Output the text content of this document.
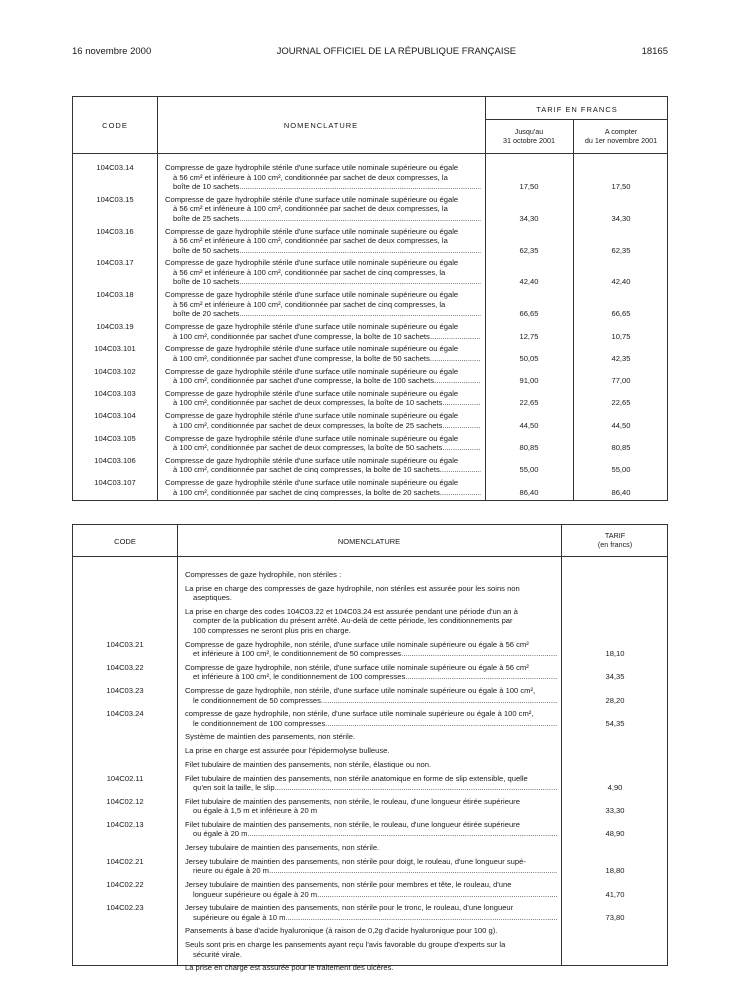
16 novembre 2000	JOURNAL OFFICIEL DE LA RÉPUBLIQUE FRANÇAISE	18165
CODE	NOMENCLATURE
TARIF EN FRANCS
Jusqu'au
31 octobre 2001
A compter
du 1er novembre 2001
104C03.14	Compresse de gaze hydrophile stérile d'une surface utile nominale supérieure ou égale
à 56 cm² et inférieure à 100 cm², conditionnée par sachet de deux compresses, la
boîte de 10 sachets .....	17,50	17,50
104C03.15	Compresse de gaze hydrophile stérile d'une surface utile nominale supérieure ou égale
à 56 cm² et inférieure à 100 cm², conditionnée par sachet de deux compresses, la
boîte de 25 sachets .....	34,30	34,30
104C03.16	Compresse de gaze hydrophile stérile d'une surface utile nominale supérieure ou égale
à 56 cm² et inférieure à 100 cm², conditionnée par sachet de deux compresses, la
boîte de 50 sachets .....	62,35	62,35
104C03.17	Compresse de gaze hydrophile stérile d'une surface utile nominale supérieure ou égale
à 56 cm² et inférieure à 100 cm², conditionnée par sachet de cinq compresses, la
boîte de 10 sachets .....	42,40	42,40
104C03.18	Compresse de gaze hydrophile stérile d'une surface utile nominale supérieure ou égale
à 56 cm² et inférieure à 100 cm², conditionnée par sachet de cinq compresses, la
boîte de 20 sachets .....	66,65	66,65
104C03.19	Compresse de gaze hydrophile stérile d'une surface utile nominale supérieure ou égale
à 100 cm², conditionnée par sachet d'une compresse, la boîte de 10 sachets .....	12,75	10,75
104C03.101	Compresse de gaze hydrophile stérile d'une surface utile nominale supérieure ou égale
à 100 cm², conditionnée par sachet d'une compresse, la boîte de 50 sachets .....	50,05	42,35
104C03.102	Compresse de gaze hydrophile stérile d'une surface utile nominale supérieure ou égale
à 100 cm², conditionnée par sachet d'une compresse, la boîte de 100 sachets .....	91,00	77,00
104C03.103	Compresse de gaze hydrophile stérile d'une surface utile nominale supérieure ou égale
à 100 cm², conditionnée par sachet de deux compresses, la boîte de 10 sachets .....	22,65	22,65
104C03.104	Compresse de gaze hydrophile stérile d'une surface utile nominale supérieure ou égale
à 100 cm², conditionnée par sachet de deux compresses, la boîte de 25 sachets .....	44,50	44,50
104C03.105	Compresse de gaze hydrophile stérile d'une surface utile nominale supérieure ou égale
à 100 cm², conditionnée par sachet de deux compresses, la boîte de 50 sachets .....	80,85	80,85
104C03.106	Compresse de gaze hydrophile stérile d'une surface utile nominale supérieure ou égale
à 100 cm², conditionnée par sachet de cinq compresses, la boîte de 10 sachets .....	55,00	55,00
104C03.107	Compresse de gaze hydrophile stérile d'une surface utile nominale supérieure ou égale
à 100 cm², conditionnée par sachet de cinq compresses, la boîte de 20 sachets .....	86,40	86,40
CODE	NOMENCLATURE
TARIF
(en francs)
Compresses de gaze hydrophile, non stériles :
La prise en charge des compresses de gaze hydrophile, non stériles est assurée pour les soins non
aseptiques.
La prise en charge des codes 104C03.22 et 104C03.24 est assurée pendant une période d'un an à
compter de la publication du présent arrêté. Au-delà de cette période, les conditionnements par
100 compresses ne seront plus pris en charge.
104C03.21	Compresse de gaze hydrophile, non stérile, d'une surface utile nominale supérieure ou égale à 56 cm²
et inférieure à 100 cm², le conditionnement de 50 compresses .....	18,10
104C03.22	Compresse de gaze hydrophile, non stérile, d'une surface utile nominale supérieure ou égale à 56 cm²
et inférieure à 100 cm², le conditionnement de 100 compresses .....	34,35
104C03.23	Compresse de gaze hydrophile, non stérile, d'une surface utile nominale supérieure ou égale à 100 cm²,
le conditionnement de 50 compresses .....	28,20
104C03.24	compresse de gaze hydrophile, non stérile, d'une surface utile nominale supérieure ou égale à 100 cm²,
le conditionnement de 100 compresses .....	54,35
Système de maintien des pansements, non stérile.
La prise en charge est assurée pour l'épidermolyse bulleuse.
Filet tubulaire de maintien des pansements, non stérile, élastique ou non.
104C02.11	Filet tubulaire de maintien des pansements, non stérile anatomique en forme de slip extensible, quelle
qu'en soit la taille, le slip .....	4,90
104C02.12	Filet tubulaire de maintien des pansements, non stérile, le rouleau, d'une longueur étirée supérieure
ou égale à 1,5 m et inférieure à 20 m	33,30
104C02.13	Filet tubulaire de maintien des pansements, non stérile, le rouleau, d'une longueur étirée supérieure
ou égale à 20 m .....	48,90
Jersey tubulaire de maintien des pansements, non stérile.
104C02.21	Jersey tubulaire de maintien des pansements, non stérile pour doigt, le rouleau, d'une longueur supé-
rieure ou égale à 20 m .....	18,80
104C02.22	Jersey tubulaire de maintien des pansements, non stérile pour membres et tête, le rouleau, d'une
longueur supérieure ou égale à 20 m .....	41,70
104C02.23	Jersey tubulaire de maintien des pansements, non stérile pour le tronc, le rouleau, d'une longueur
supérieure ou égale à 10 m .....	73,80
Pansements à base d'acide hyaluronique (à raison de 0,2g d'acide hyaluronique pour 100 g).
Seuls sont pris en charge les pansements ayant reçu l'avis favorable du groupe d'experts sur la
sécurité virale.
La prise en charge est assurée pour le traitement des ulcères.
